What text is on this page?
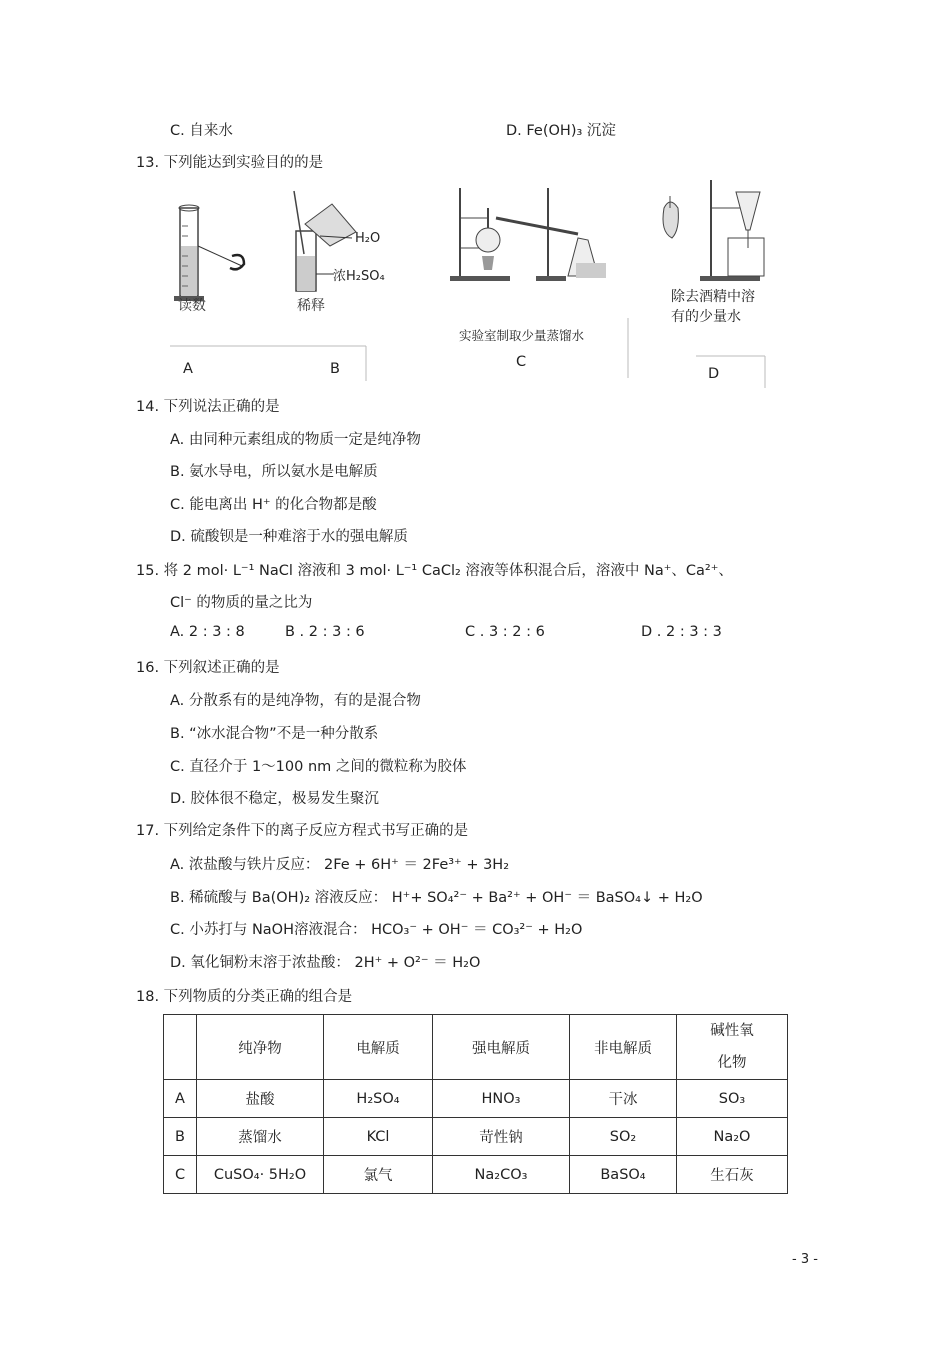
C. 自来水	D. Fe(OH)₃ 沉淀
13. 下列能达到实验目的的是
读数
H₂O
浓H₂SO₄
稀释
A	B
实验室制取少量蒸馏水
C
除去酒精中溶
有的少量水
D
14. 下列说法正确的是
A. 由同种元素组成的物质一定是纯净物
B. 氨水导电，所以氨水是电解质
C. 能电离出 H⁺ 的化合物都是酸
D. 硫酸钡是一种难溶于水的强电解质
15. 将 2 mol· L⁻¹ NaCl 溶液和 3 mol· L⁻¹ CaCl₂ 溶液等体积混合后，溶液中 Na⁺、Ca²⁺、
Cl⁻ 的物质的量之比为
A. 2 : 3 : 8	B . 2 : 3 : 6	C . 3 : 2 : 6	D . 2 : 3 : 3
16. 下列叙述正确的是
A. 分散系有的是纯净物，有的是混合物
B. “冰水混合物”不是一种分散系
C. 直径介于 1～100 nm 之间的微粒称为胶体
D. 胶体很不稳定，极易发生聚沉
17. 下列给定条件下的离子反应方程式书写正确的是
A. 浓盐酸与铁片反应： 2Fe + 6H⁺ ＝ 2Fe³⁺ + 3H₂
B. 稀硫酸与 Ba(OH)₂ 溶液反应： H⁺+ SO₄²⁻ + Ba²⁺ + OH⁻ ＝ BaSO₄↓ + H₂O
C. 小苏打与 NaOH溶液混合： HCO₃⁻ + OH⁻ ＝ CO₃²⁻ + H₂O
D. 氧化铜粉末溶于浓盐酸： 2H⁺ + O²⁻ ＝ H₂O
18. 下列物质的分类正确的组合是
	纯净物	电解质	强电解质	非电解质	碱性氧
化物

A	盐酸	H₂SO₄	HNO₃	干冰	SO₃
B	蒸馏水	KCl	苛性钠	SO₂	Na₂O
C	CuSO₄· 5H₂O	氯气	Na₂CO₃	BaSO₄	生石灰
- 3 -
